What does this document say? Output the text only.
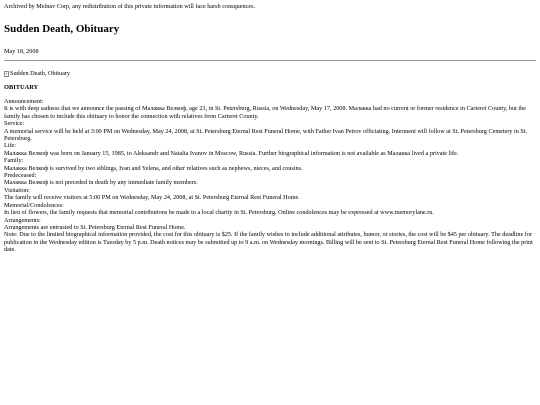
Archived by Melnav Corp, any redistribution of this private information will face harsh consquences.
Sudden Death, Obituary
May 18, 2008
Sudden Death, Obituary
OBITUARY
Announcement:
It is with deep sadness that we announce the passing of Малакка Велкоф, age 23, in St. Petersburg, Russia, on Wednesday, May 17, 2008. Малакка had no current or former residence in Carteret County, but the family has chosen to include this obituary to honor the connection with relatives from Carteret County.
Service:
A memorial service will be held at 3:00 PM on Wednesday, May 24, 2008, at St. Petersburg Eternal Rest Funeral Home, with Father Ivan Petrov officiating. Interment will follow at St. Petersburg Cemetery in St. Petersburg.
Life:
Малакка Велкоф was born on January 15, 1985, to Aleksandr and Natalia Ivanov in Moscow, Russia. Further biographical information is not available as Малакка lived a private life.
Family:
Малакка Велкоф is survived by two siblings, Ivan and Yelena, and other relatives such as nephews, nieces, and cousins.
Predeceased:
Малакка Велкоф is not preceded in death by any immediate family members.
Visitation:
The family will receive visitors at 5:00 PM on Wednesday, May 24, 2008, at St. Petersburg Eternal Rest Funeral Home.
Memorial/Condolences:
In lieu of flowers, the family requests that memorial contributions be made to a local charity in St. Petersburg. Online condolences may be expressed at www.memorylane.ru.
Arrangements:
Arrangements are entrusted to St. Petersburg Eternal Rest Funeral Home.
Note: Due to the limited biographical information provided, the cost for this obituary is $25. If the family wishes to include additional attributes, humor, or stories, the cost will be $45 per obituary. The deadline for publication in the Wednesday edition is Tuesday by 5 p.m. Death notices may be submitted up to 9 a.m. on Wednesday mornings. Billing will be sent to St. Petersburg Eternal Rest Funeral Home following the print date.
